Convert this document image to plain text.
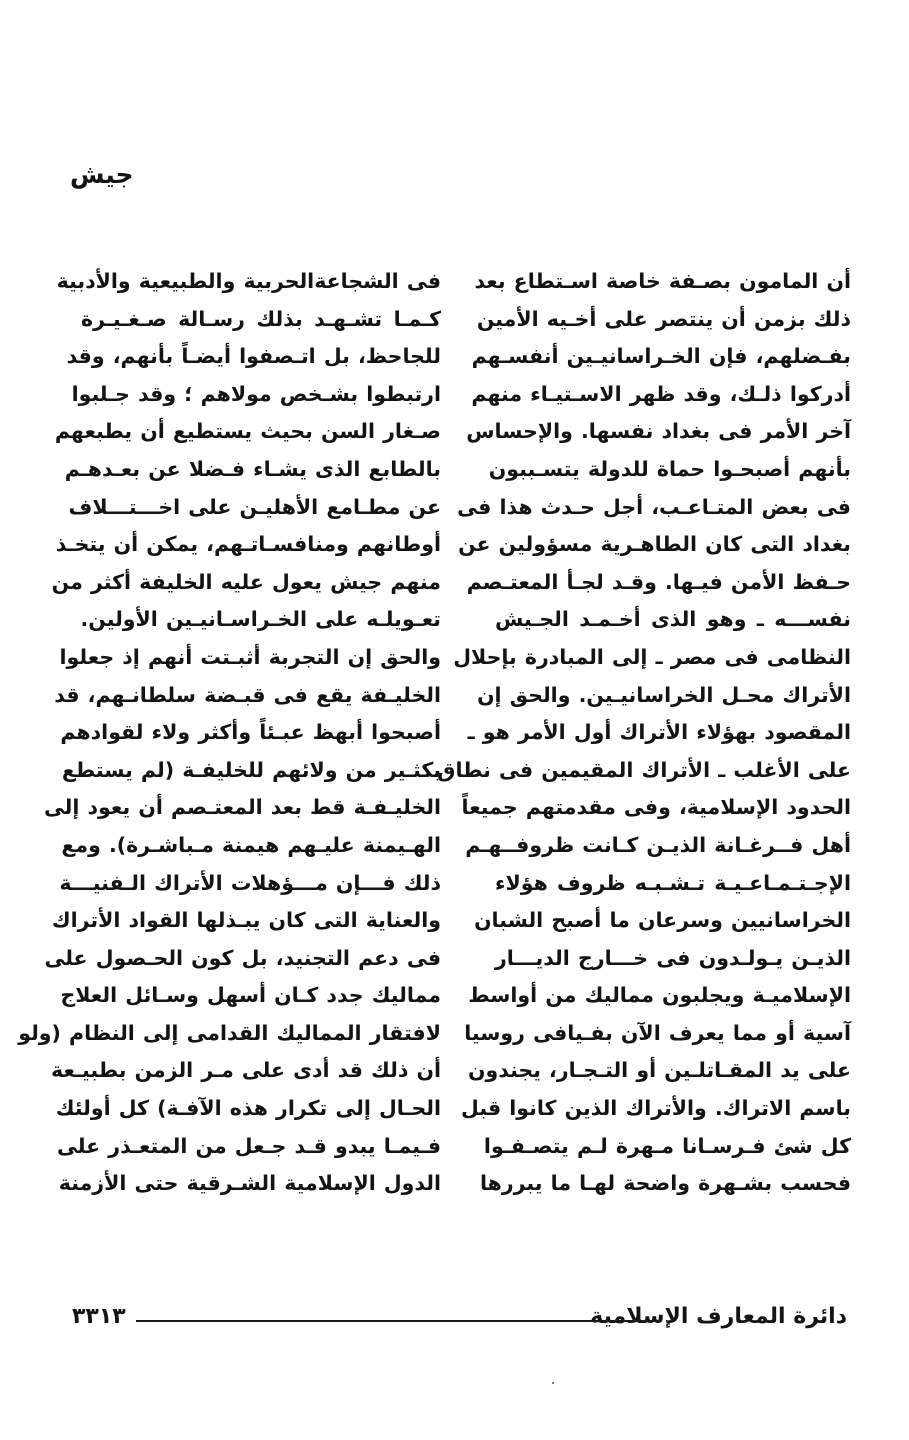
جيش
أن المامون بصـفة خاصة اسـتطاع بعد
ذلك بزمن أن ينتصر على أخـيه الأمين
بفـضلهم، فإن الخـراسانيـين أنفسـهم
أدركوا ذلـك، وقد ظهر الاسـتيـاء منهم
آخر الأمر فى بغداد نفسها. والإحساس
بأنهم أصبحـوا حماة للدولة يتسـببون
فى بعض المتـاعـب، أجل حـدث هذا فى
بغداد التى كان الطاهـرية مسؤولين عن
حـفظ الأمن فيـها. وقـد لجـأ المعتـصم
نفســـه ـ وهو الذى أخـمـد الجـيش
النظامى فى مصر ـ إلى المبادرة بإحلال
الأتراك محـل الخراسانيـين. والحق إن
المقصود بهؤلاء الأتراك أول الأمر هو ـ
على الأغلب ـ الأتراك المقيمين فى نطاق
الحدود الإسلامية، وفى مقدمتهم جميعاً
أهل فــرغـانة الذيـن كـانت ظروفــهـم
الإجـتـمـاعـيـة تـشـبـه ظروف هؤلاء
الخراسانيين وسرعان ما أصبح الشبان
الذيـن يـولـدون فى خـــارج الديـــار
الإسلاميـة ويجلبون مماليك من أواسط
آسية أو مما يعرف الآن بفـيافى روسيا
على يد المقـاتلـين أو التـجـار، يجندون
باسم الاتراك. والأتراك الذين كانوا قبل
كل شئ فـرسـانا مـهرة لـم يتصـفـوا
فحسب بشـهرة واضحة لهـا ما يبررها
فى الشجاعةالحربية والطبيعية والأدبية
كـمـا تشـهـد بذلك رسـالة صـغـيـرة
للجاحظ، بل اتـصفوا أيضـاً بأنهم، وقد
ارتبطوا بشـخص مولاهم ؛ وقد جـلبوا
صـغار السن بحيث يستطيع أن يطبعهم
بالطابع الذى يشـاء فـضلا عن بعـدهـم
عن مطـامع الأهليـن على اخـــتـــلاف
أوطانهم ومنافسـاتـهم، يمكن أن يتخـذ
منهم جيش يعول عليه الخليفة أكثر من
تعـويلـه على الخـراسـانيـين الأولين.
والحق إن التجربة أثبـتت أنهم إذ جعلوا
الخليـفة يقع فى قبـضة سلطانـهم، قد
أصبحوا أبهظ عبـئاً وأكثر ولاء لقوادهم
بكثـير من ولائهم للخليفـة (لم يستطع
الخليـفـة قط بعد المعتـصم أن يعود إلى
الهـيمنة عليـهم هيمنة مـباشـرة). ومع
ذلك فـــإن مـــؤهلات الأتراك الـفنيـــة
والعناية التى كان يبـذلها القواد الأتراك
فى دعم التجنيد، بل كون الحـصول على
مماليك جدد كـان أسهل وسـائل العلاج
لافتقار المماليك القدامى إلى النظام (ولو
أن ذلك قد أدى على مـر الزمن بطبيـعة
الحـال إلى تكرار هذه الآفـة) كل أولئك
فـيمـا يبدو قـد جـعل من المتعـذر على
الدول الإسلامية الشـرقية حتى الأزمنة
دائرة المعارف الإسلامية
٣٣١٣
